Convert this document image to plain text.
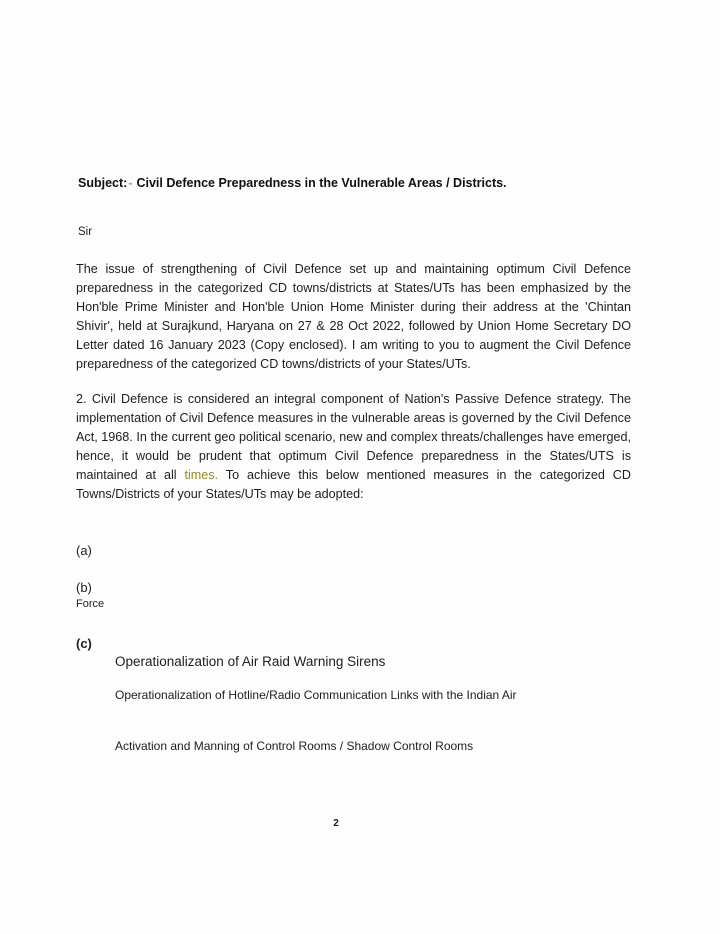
Subject:- Civil Defence Preparedness in the Vulnerable Areas / Districts.
Sir
The issue of strengthening of Civil Defence set up and maintaining optimum Civil Defence preparedness in the categorized CD towns/districts at States/UTs has been emphasized by the Hon'ble Prime Minister and Hon'ble Union Home Minister during their address at the 'Chintan Shivir', held at Surajkund, Haryana on 27 & 28 Oct 2022, followed by Union Home Secretary DO Letter dated 16 January 2023 (Copy enclosed). I am writing to you to augment the Civil Defence preparedness of the categorized CD towns/districts of your States/UTs.
2. Civil Defence is considered an integral component of Nation's Passive Defence strategy. The implementation of Civil Defence measures in the vulnerable areas is governed by the Civil Defence Act, 1968. In the current geo political scenario, new and complex threats/challenges have emerged, hence, it would be prudent that optimum Civil Defence preparedness in the States/UTS is maintained at all times. To achieve this below mentioned measures in the categorized CD Towns/Districts of your States/UTs may be adopted:
(a)
(b)
Force
(c)
Operationalization of Air Raid Warning Sirens
Operationalization of Hotline/Radio Communication Links with the Indian Air
Activation and Manning of Control Rooms / Shadow Control Rooms
2
